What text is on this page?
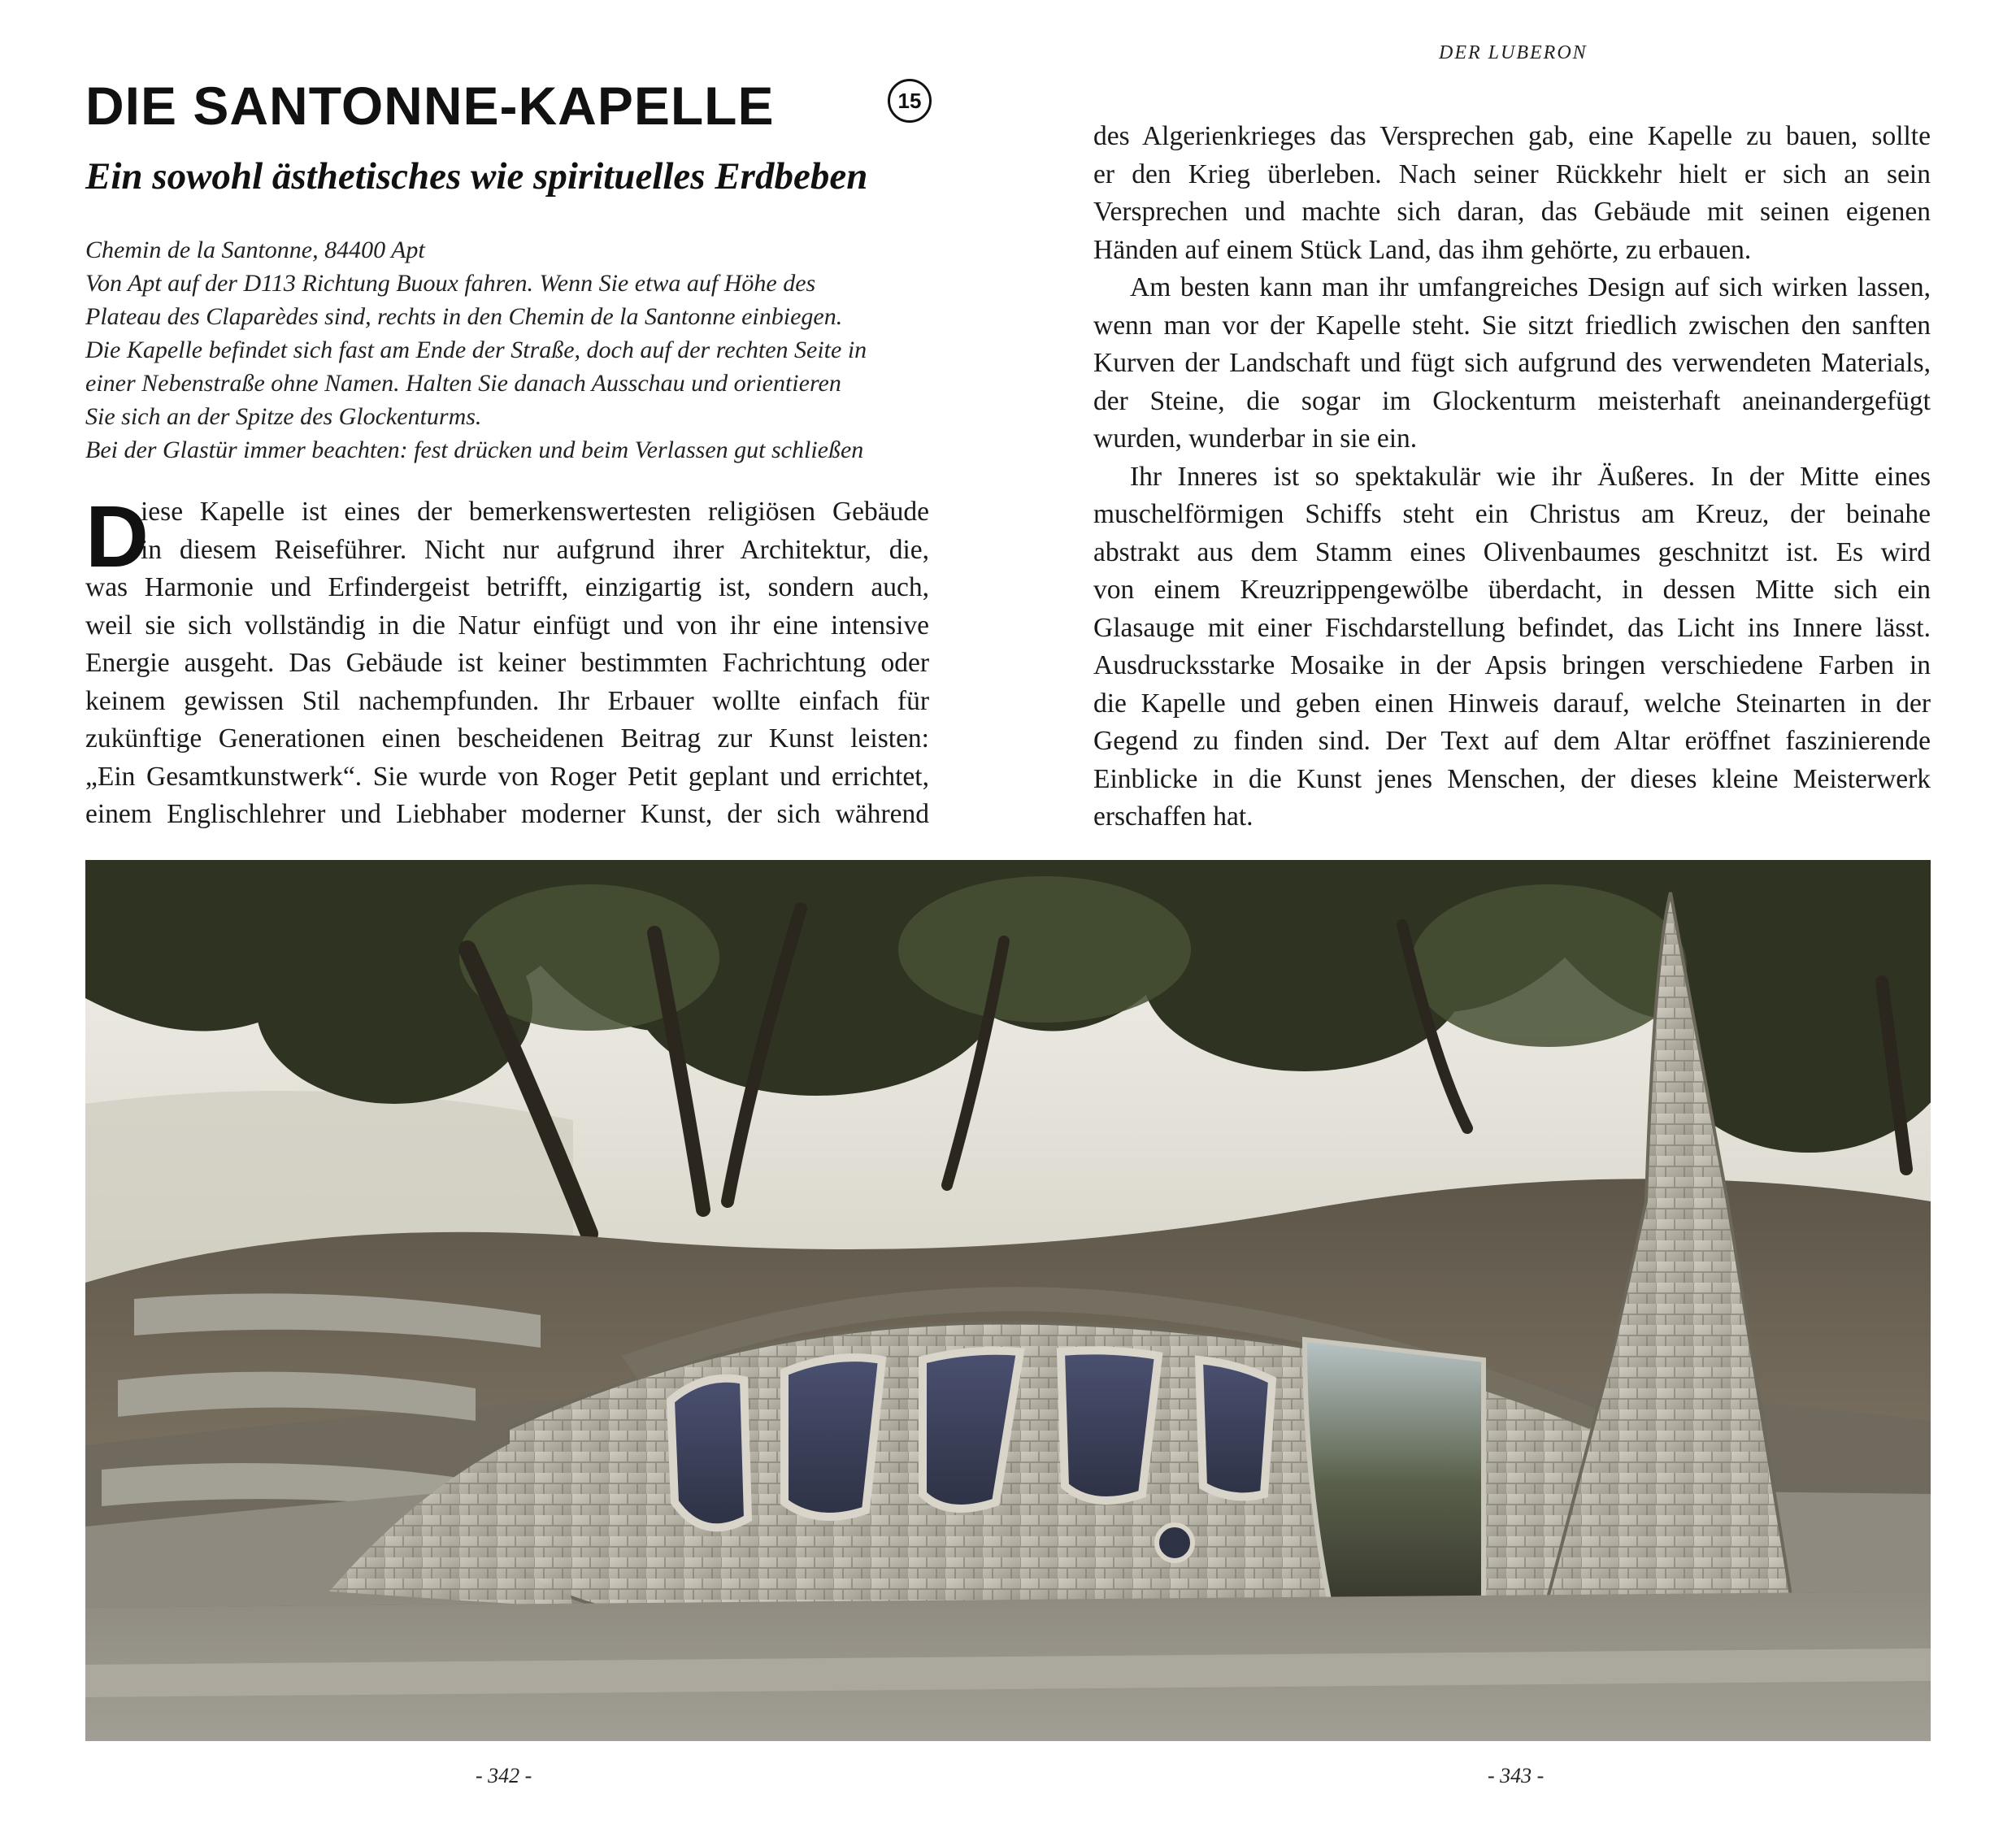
DER LUBERON
DIE SANTONNE-KAPELLE	15
Ein sowohl ästhetisches wie spirituelles Erdbeben
Chemin de la Santonne, 84400 Apt
Von Apt auf der D113 Richtung Buoux fahren. Wenn Sie etwa auf Höhe des
Plateau des Claparèdes sind, rechts in den Chemin de la Santonne einbiegen.
Die Kapelle befindet sich fast am Ende der Straße, doch auf der rechten Seite in
einer Nebenstraße ohne Namen. Halten Sie danach Ausschau und orientieren
Sie sich an der Spitze des Glockenturms.
Bei der Glastür immer beachten: fest drücken und beim Verlassen gut schließen
D
iese Kapelle ist eines der bemerkenswertesten religiösen Gebäude
in diesem Reiseführer. Nicht nur aufgrund ihrer Architektur, die,
was Harmonie und Erfindergeist betrifft, einzigartig ist, sondern auch,
weil sie sich vollständig in die Natur einfügt und von ihr eine intensive
Energie ausgeht. Das Gebäude ist keiner bestimmten Fachrichtung oder
keinem gewissen Stil nachempfunden. Ihr Erbauer wollte einfach für
zukünftige Generationen einen bescheidenen Beitrag zur Kunst leisten:
„Ein Gesamtkunstwerk“. Sie wurde von Roger Petit geplant und errichtet,
einem Englischlehrer und Liebhaber moderner Kunst, der sich während
des Algerienkrieges das Versprechen gab, eine Kapelle zu bauen, sollte
er den Krieg überleben. Nach seiner Rückkehr hielt er sich an sein
Versprechen und machte sich daran, das Gebäude mit seinen eigenen
Händen auf einem Stück Land, das ihm gehörte, zu erbauen.
Am besten kann man ihr umfangreiches Design auf sich wirken lassen,
wenn man vor der Kapelle steht. Sie sitzt friedlich zwischen den sanften
Kurven der Landschaft und fügt sich aufgrund des verwendeten Materials,
der Steine, die sogar im Glockenturm meisterhaft aneinandergefügt
wurden, wunderbar in sie ein.
Ihr Inneres ist so spektakulär wie ihr Äußeres. In der Mitte eines
muschelförmigen Schiffs steht ein Christus am Kreuz, der beinahe
abstrakt aus dem Stamm eines Olivenbaumes geschnitzt ist. Es wird
von einem Kreuzrippengewölbe überdacht, in dessen Mitte sich ein
Glasauge mit einer Fischdarstellung befindet, das Licht ins Innere lässt.
Ausdrucksstarke Mosaike in der Apsis bringen verschiedene Farben in
die Kapelle und geben einen Hinweis darauf, welche Steinarten in der
Gegend zu finden sind. Der Text auf dem Altar eröffnet faszinierende
Einblicke in die Kunst jenes Menschen, der dieses kleine Meisterwerk
erschaffen hat.
- 342 -	- 343 -
